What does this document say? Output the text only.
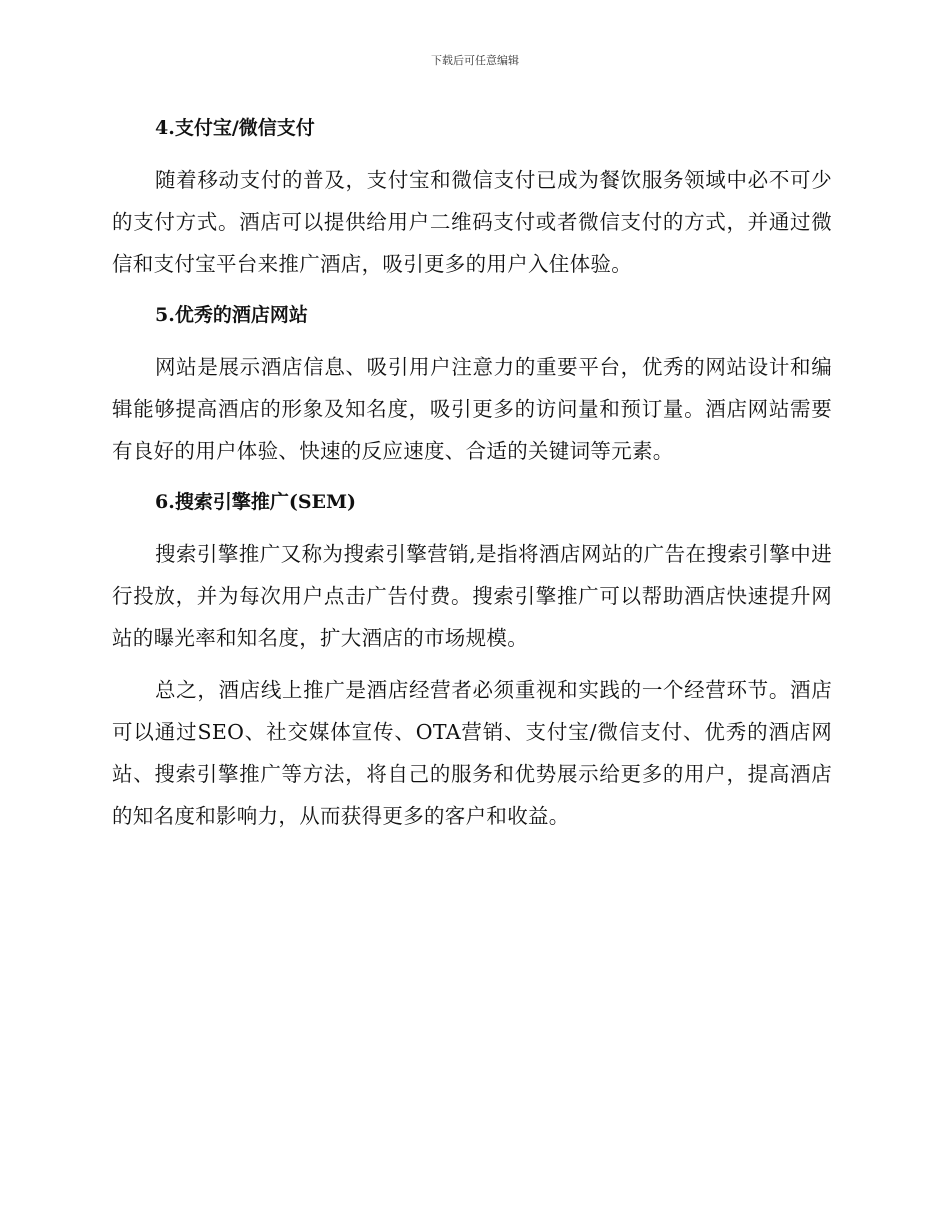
下载后可任意编辑
4.支付宝/微信支付

随着移动支付的普及，支付宝和微信支付已成为餐饮服务领域中必不可少的支付方式。酒店可以提供给用户二维码支付或者微信支付的方式，并通过微信和支付宝平台来推广酒店，吸引更多的用户入住体验。

5.优秀的酒店网站

网站是展示酒店信息、吸引用户注意力的重要平台，优秀的网站设计和编辑能够提高酒店的形象及知名度，吸引更多的访问量和预订量。酒店网站需要有良好的用户体验、快速的反应速度、合适的关键词等元素。

6.搜索引擎推广(SEM)

搜索引擎推广又称为搜索引擎营销,是指将酒店网站的广告在搜索引擎中进行投放，并为每次用户点击广告付费。搜索引擎推广可以帮助酒店快速提升网站的曝光率和知名度，扩大酒店的市场规模。

总之，酒店线上推广是酒店经营者必须重视和实践的一个经营环节。酒店可以通过SEO、社交媒体宣传、OTA营销、支付宝/微信支付、优秀的酒店网站、搜索引擎推广等方法，将自己的服务和优势展示给更多的用户，提高酒店的知名度和影响力，从而获得更多的客户和收益。
